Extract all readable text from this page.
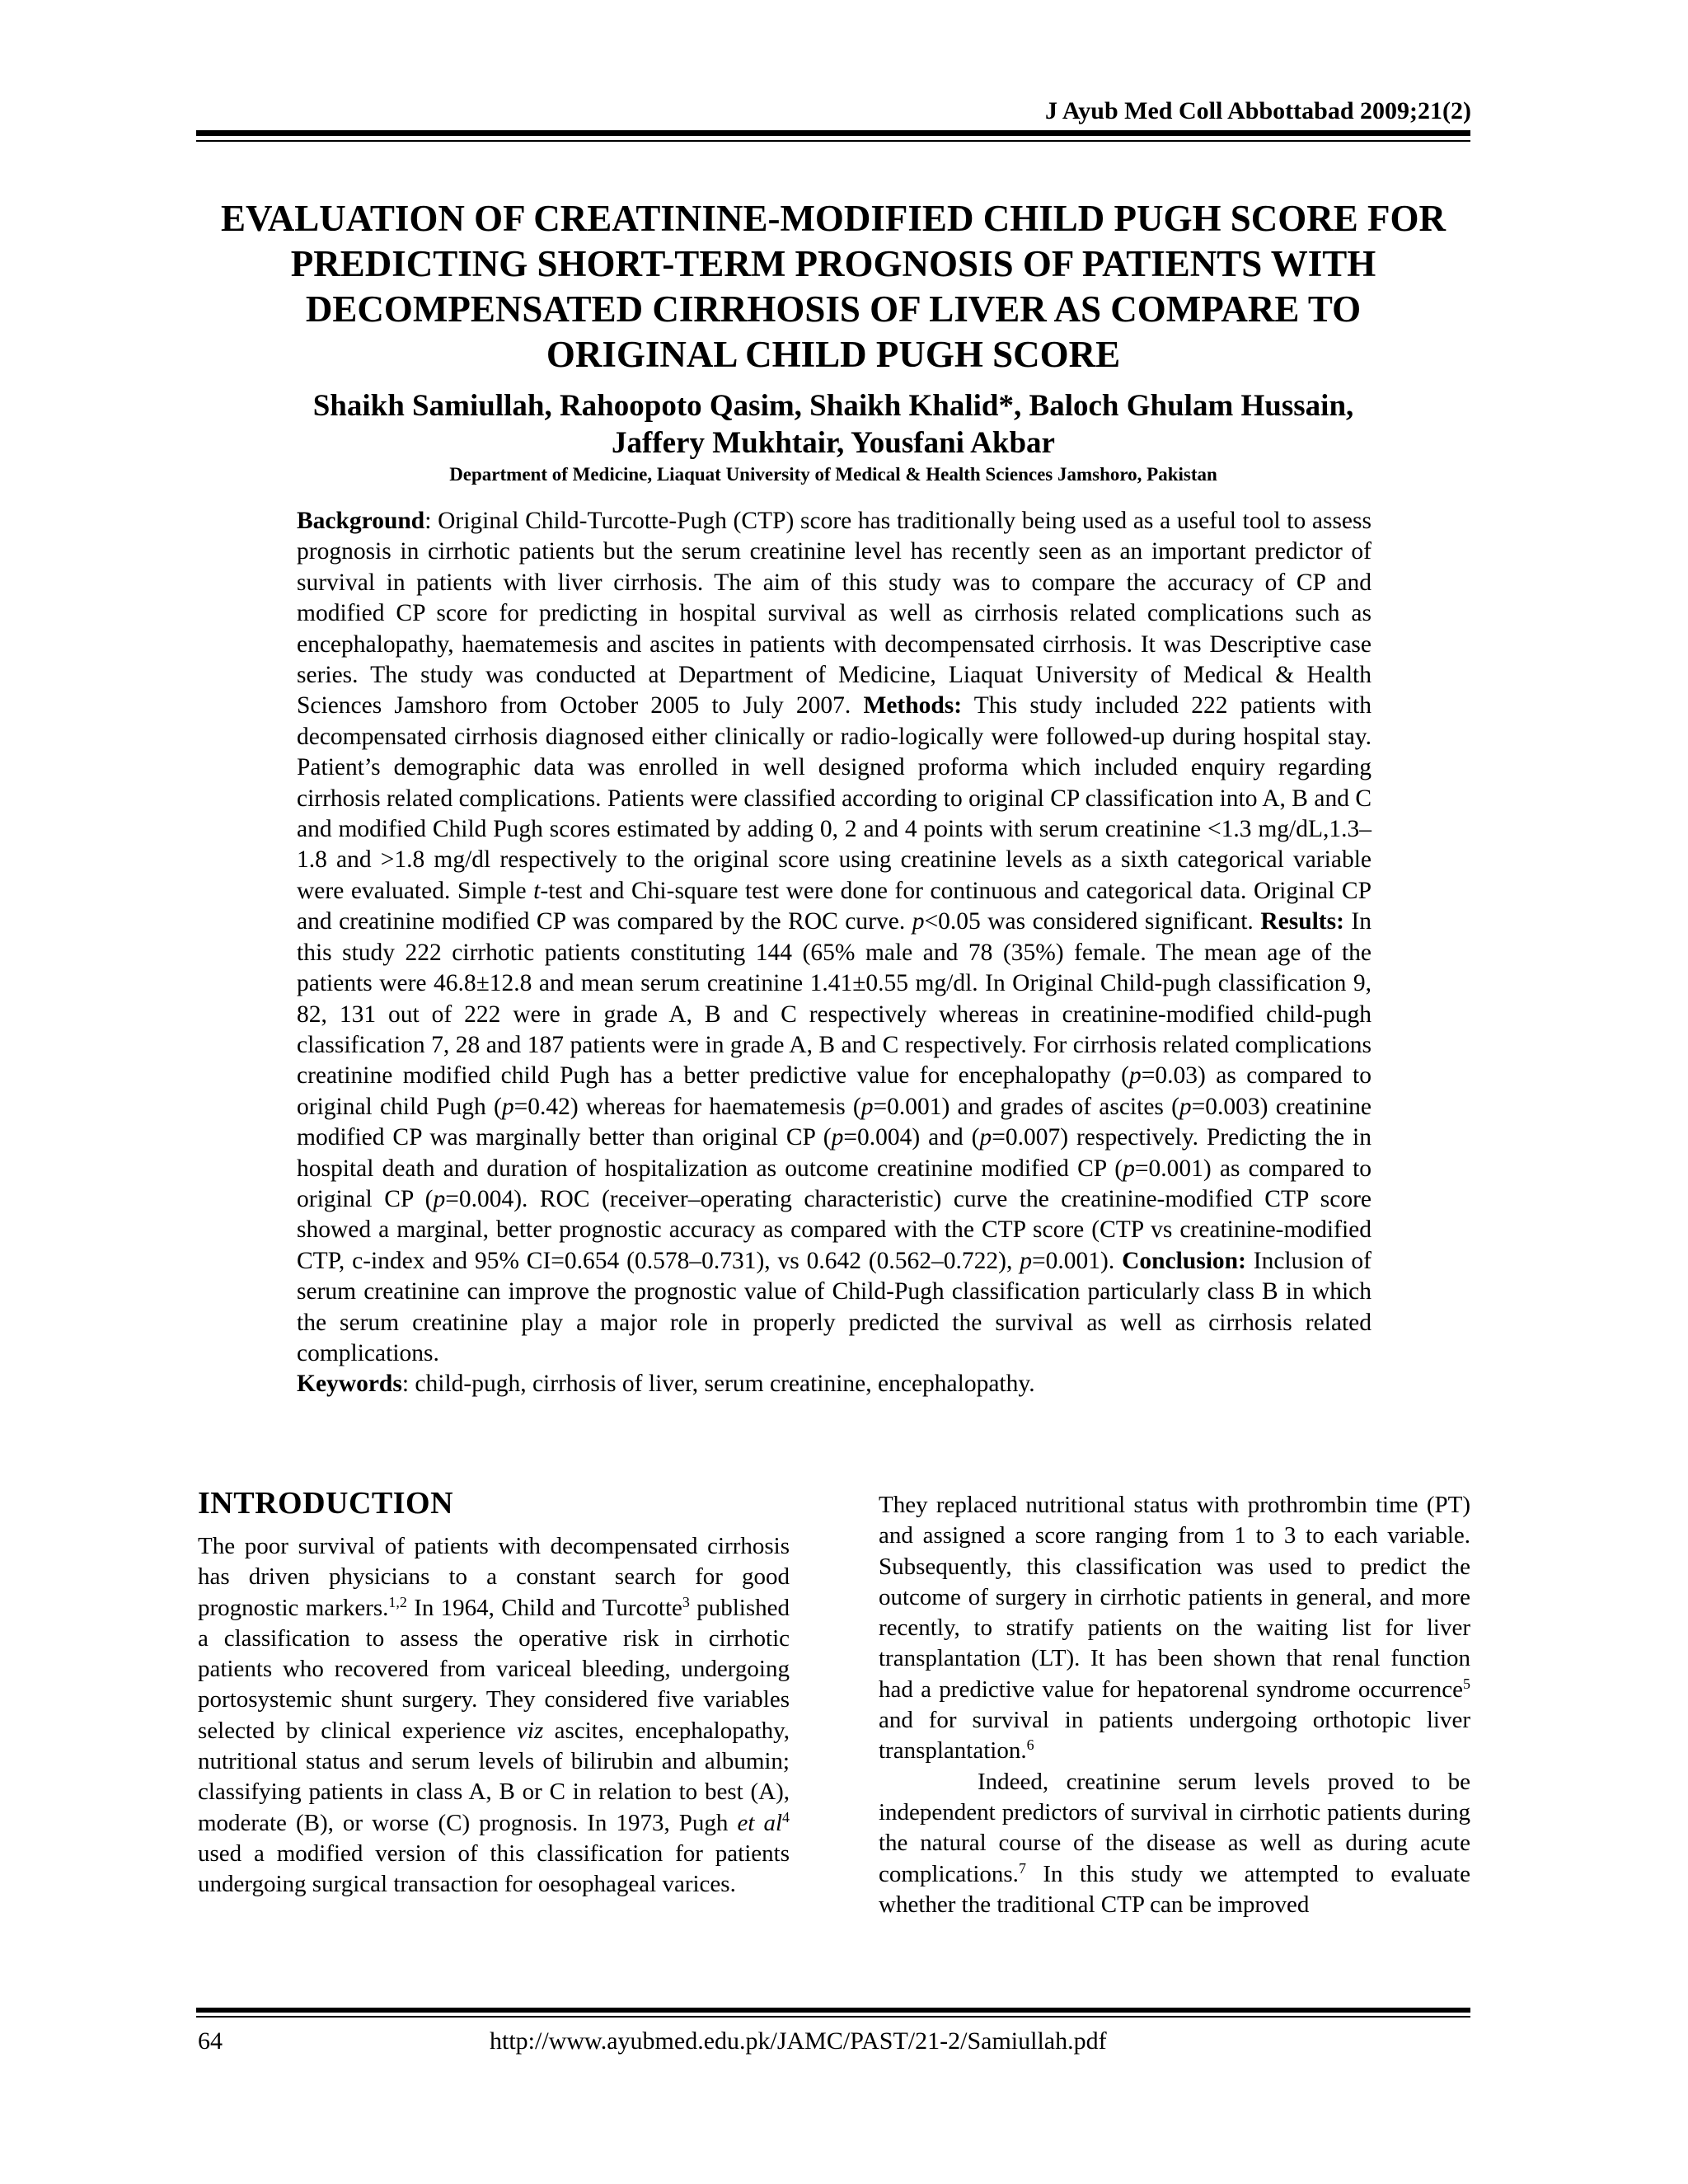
J Ayub Med Coll Abbottabad 2009;21(2)
EVALUATION OF CREATININE-MODIFIED CHILD PUGH SCORE FOR
PREDICTING SHORT-TERM PROGNOSIS OF PATIENTS WITH
DECOMPENSATED CIRRHOSIS OF LIVER AS COMPARE TO
ORIGINAL CHILD PUGH SCORE
Shaikh Samiullah, Rahoopoto Qasim, Shaikh Khalid*, Baloch Ghulam Hussain,
Jaffery Mukhtair, Yousfani Akbar
Department of Medicine, Liaquat University of Medical & Health Sciences Jamshoro, Pakistan

Background: Original Child-Turcotte-Pugh (CTP) score has traditionally being used as a useful tool to assess prognosis in cirrhotic patients but the serum creatinine level has recently seen as an important predictor of survival in patients with liver cirrhosis. The aim of this study was to compare the accuracy of CP and modified CP score for predicting in hospital survival as well as cirrhosis related complications such as encephalopathy, haematemesis and ascites in patients with decompensated cirrhosis. It was Descriptive case series. The study was conducted at Department of Medicine, Liaquat University of Medical & Health Sciences Jamshoro from October 2005 to July 2007. Methods: This study included 222 patients with decompensated cirrhosis diagnosed either clinically or radio-logically were followed-up during hospital stay. Patient’s demographic data was enrolled in well designed proforma which included enquiry regarding cirrhosis related complications. Patients were classified according to original CP classification into A, B and C and modified Child Pugh scores estimated by adding 0, 2 and 4 points with serum creatinine <1.3 mg/dL,1.3–1.8 and >1.8 mg/dl respectively to the original score using creatinine levels as a sixth categorical variable were evaluated. Simple t-test and Chi-square test were done for continuous and categorical data. Original CP and creatinine modified CP was compared by the ROC curve. p<0.05 was considered significant. Results: In this study 222 cirrhotic patients constituting 144 (65% male and 78 (35%) female. The mean age of the patients were 46.8±12.8 and mean serum creatinine 1.41±0.55 mg/dl. In Original Child-pugh classification 9, 82, 131 out of 222 were in grade A, B and C respectively whereas in creatinine-modified child-pugh classification 7, 28 and 187 patients were in grade A, B and C respectively. For cirrhosis related complications creatinine modified child Pugh has a better predictive value for encephalopathy (p=0.03) as compared to original child Pugh (p=0.42) whereas for haematemesis (p=0.001) and grades of ascites (p=0.003) creatinine modified CP was marginally better than original CP (p=0.004) and (p=0.007) respectively. Predicting the in hospital death and duration of hospitalization as outcome creatinine modified CP (p=0.001) as compared to original CP (p=0.004). ROC (receiver–operating characteristic) curve the creatinine-modified CTP score showed a marginal, better prognostic accuracy as compared with the CTP score (CTP vs creatinine-modified CTP, c-index and 95% CI=0.654 (0.578–0.731), vs 0.642 (0.562–0.722), p=0.001). Conclusion: Inclusion of serum creatinine can improve the prognostic value of Child-Pugh classification particularly class B in which the serum creatinine play a major role in properly predicted the survival as well as cirrhosis related complications.

Keywords: child-pugh, cirrhosis of liver, serum creatinine, encephalopathy.

INTRODUCTION

The poor survival of patients with decompensated cirrhosis has driven physicians to a constant search for good prognostic markers.$^{1,2}$ In 1964, Child and Turcotte$^3$ published a classification to assess the operative risk in cirrhotic patients who recovered from variceal bleeding, undergoing portosystemic shunt surgery. They considered five variables selected by clinical experience viz ascites, encephalopathy, nutritional status and serum levels of bilirubin and albumin; classifying patients in class A, B or C in relation to best (A), moderate (B), or worse (C) prognosis. In 1973, Pugh et $al^4$ used a modified version of this classification for patients undergoing surgical transaction for oesophageal varices.

They replaced nutritional status with prothrombin time (PT) and assigned a score ranging from 1 to 3 to each variable. Subsequently, this classification was used to predict the outcome of surgery in cirrhotic patients in general, and more recently, to stratify patients on the waiting list for liver transplantation (LT). It has been shown that renal function had a predictive value for hepatorenal syndrome occurrence$^5$ and for survival in patients undergoing orthotopic liver transplantation.$^6$

Indeed, creatinine serum levels proved to be independent predictors of survival in cirrhotic patients during the natural course of the disease as well as during acute complications.$^7$ In this study we attempted to evaluate whether the traditional CTP can be improved

64	http://www.ayubmed.edu.pk/JAMC/PAST/21-2/Samiullah.pdf
